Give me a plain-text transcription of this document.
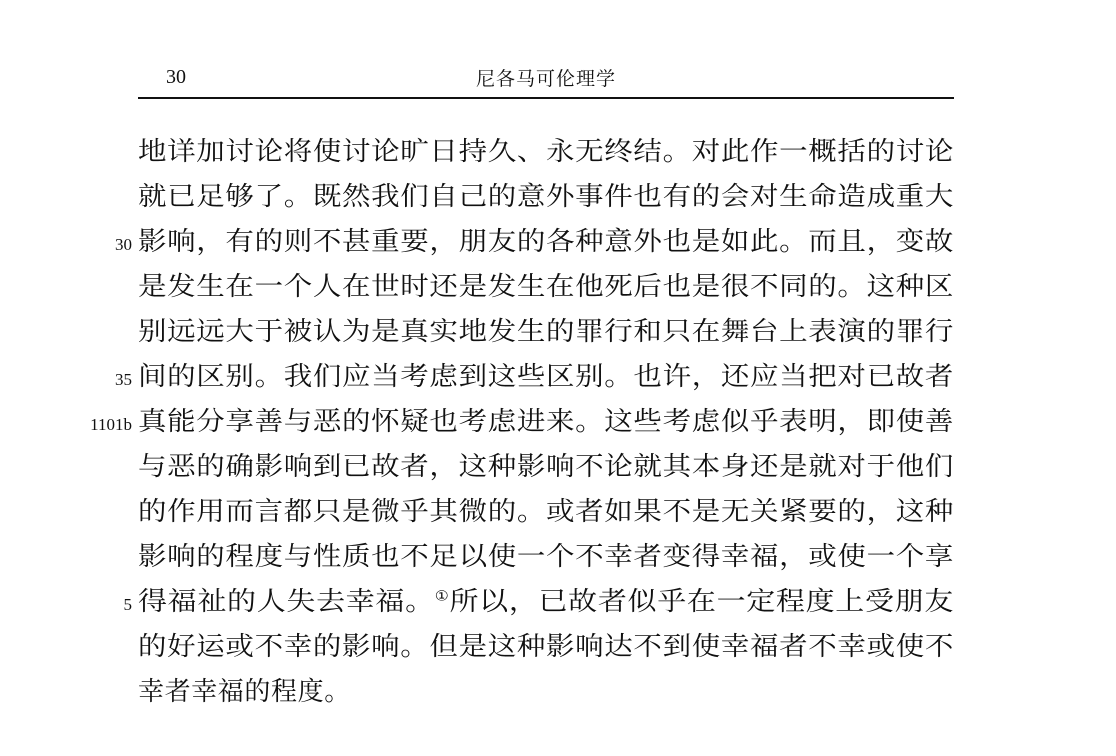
30	尼各马可伦理学
地详加讨论将使讨论旷日持久、永无终结。对此作一概括的讨论
就已足够了。既然我们自己的意外事件也有的会对生命造成重大
30 影响，有的则不甚重要，朋友的各种意外也是如此。而且，变故
是发生在一个人在世时还是发生在他死后也是很不同的。这种区
别远远大于被认为是真实地发生的罪行和只在舞台上表演的罪行
35 间的区别。我们应当考虑到这些区别。也许，还应当把对已故者
1101b 真能分享善与恶的怀疑也考虑进来。这些考虑似乎表明，即使善
与恶的确影响到已故者，这种影响不论就其本身还是就对于他们
的作用而言都只是微乎其微的。或者如果不是无关紧要的，这种
影响的程度与性质也不足以使一个不幸者变得幸福，或使一个享
5 得福祉的人失去幸福。①所以，已故者似乎在一定程度上受朋友
的好运或不幸的影响。但是这种影响达不到使幸福者不幸或使不
幸者幸福的程度。
